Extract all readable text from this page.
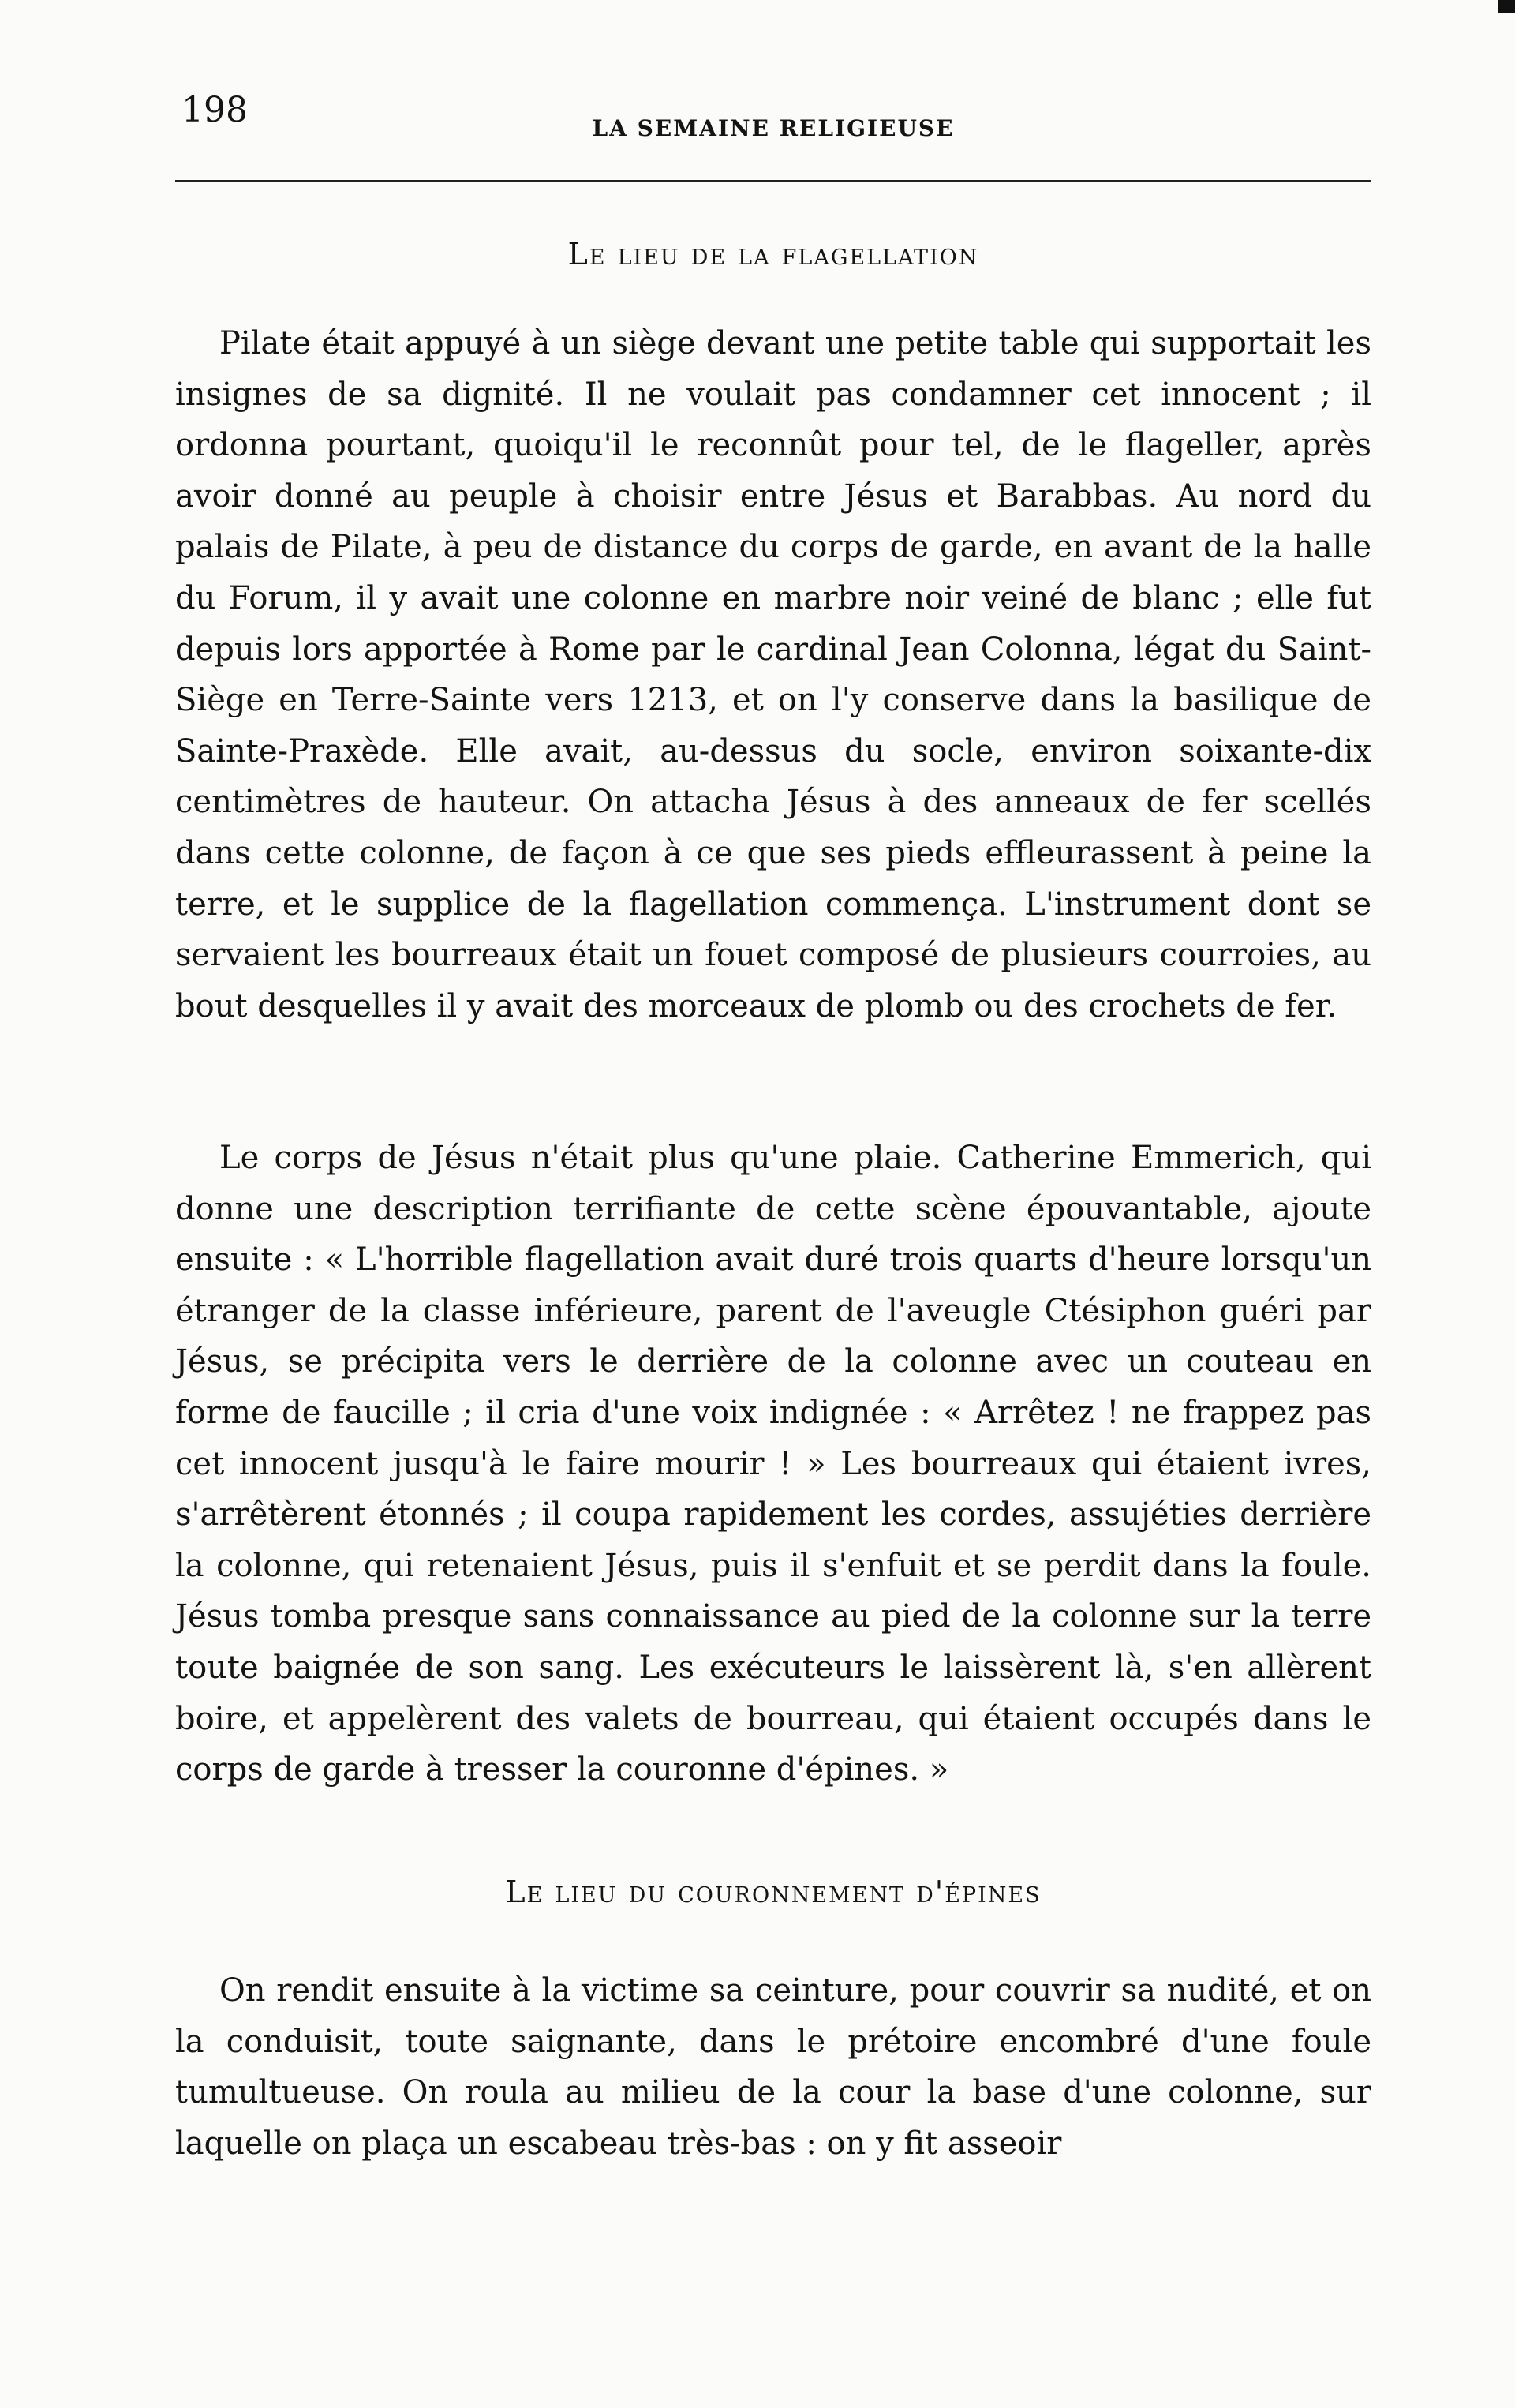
198	LA SEMAINE RELIGIEUSE
Le lieu de la flagellation

Pilate était appuyé à un siège devant une petite table qui supportait les insignes de sa dignité. Il ne voulait pas condamner cet innocent ; il ordonna pourtant, quoiqu'il le reconnût pour tel, de le flageller, après avoir donné au peuple à choisir entre Jésus et Barabbas. Au nord du palais de Pilate, à peu de distance du corps de garde, en avant de la halle du Forum, il y avait une colonne en marbre noir veiné de blanc ; elle fut depuis lors apportée à Rome par le cardinal Jean Colonna, légat du Saint-Siège en Terre-Sainte vers 1213, et on l'y conserve dans la basilique de Sainte-Praxède. Elle avait, au-dessus du socle, environ soixante-dix centimètres de hauteur. On attacha Jésus à des anneaux de fer scellés dans cette colonne, de façon à ce que ses pieds effleurassent à peine la terre, et le supplice de la flagellation commença. L'instrument dont se servaient les bourreaux était un fouet composé de plusieurs courroies, au bout desquelles il y avait des morceaux de plomb ou des crochets de fer.

Le corps de Jésus n'était plus qu'une plaie. Catherine Emmerich, qui donne une description terrifiante de cette scène épouvantable, ajoute ensuite : « L'horrible flagellation avait duré trois quarts d'heure lorsqu'un étranger de la classe inférieure, parent de l'aveugle Ctésiphon guéri par Jésus, se précipita vers le derrière de la colonne avec un couteau en forme de faucille ; il cria d'une voix indignée : « Arrêtez ! ne frappez pas cet innocent jusqu'à le faire mourir ! » Les bourreaux qui étaient ivres, s'arrêtèrent étonnés ; il coupa rapidement les cordes, assujéties derrière la colonne, qui retenaient Jésus, puis il s'enfuit et se perdit dans la foule. Jésus tomba presque sans connaissance au pied de la colonne sur la terre toute baignée de son sang. Les exécuteurs le laissèrent là, s'en allèrent boire, et appelèrent des valets de bourreau, qui étaient occupés dans le corps de garde à tresser la couronne d'épines. »

Le lieu du couronnement d'épines

On rendit ensuite à la victime sa ceinture, pour couvrir sa nudité, et on la conduisit, toute saignante, dans le prétoire encombré d'une foule tumultueuse. On roula au milieu de la cour la base d'une colonne, sur laquelle on plaça un escabeau très-bas : on y fit asseoir
